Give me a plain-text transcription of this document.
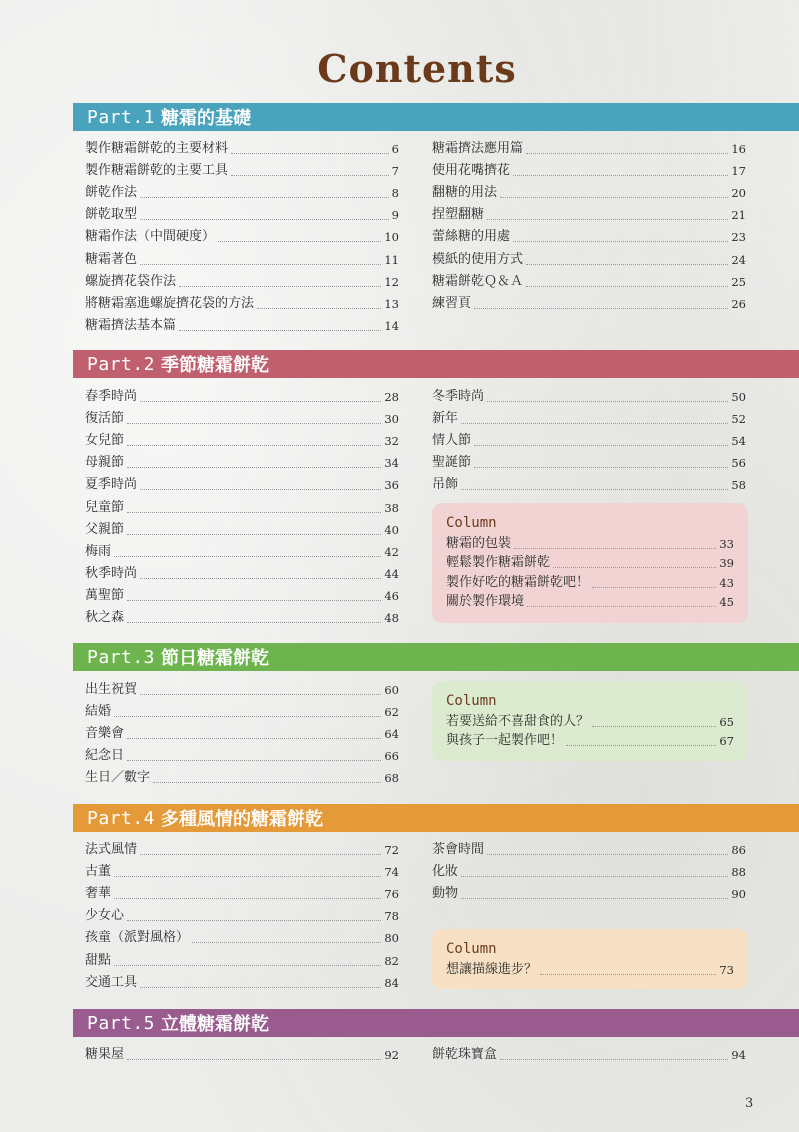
Contents
Part.1 糖霜的基礎
Part.2 季節糖霜餅乾
Part.3 節日糖霜餅乾
Part.4 多種風情的糖霜餅乾
Part.5 立體糖霜餅乾
製作糖霜餅乾的主要材料	6
製作糖霜餅乾的主要工具	7
餅乾作法	8
餅乾取型	9
糖霜作法（中間硬度）	10
糖霜著色	11
螺旋擠花袋作法	12
將糖霜塞進螺旋擠花袋的方法	13
糖霜擠法基本篇	14
糖霜擠法應用篇	16
使用花嘴擠花	17
翻糖的用法	20
捏塑翻糖	21
蕾絲糖的用處	23
模紙的使用方式	24
糖霜餅乾Ｑ＆Ａ	25
練習頁	26
春季時尚	28
復活節	30
女兒節	32
母親節	34
夏季時尚	36
兒童節	38
父親節	40
梅雨	42
秋季時尚	44
萬聖節	46
秋之森	48
冬季時尚	50
新年	52
情人節	54
聖誕節	56
吊飾	58
Column
糖霜的包裝	33
輕鬆製作糖霜餅乾	39
製作好吃的糖霜餅乾吧！	43
關於製作環境	45
出生祝賀	60
結婚	62
音樂會	64
紀念日	66
生日／數字	68
Column
若要送給不喜甜食的人？	65
與孩子一起製作吧！	67
法式風情	72
古董	74
奢華	76
少女心	78
孩童（派對風格）	80
甜點	82
交通工具	84
茶會時間	86
化妝	88
動物	90
Column
想讓描線進步？	73
糖果屋	92	餅乾珠寶盒	94
3
